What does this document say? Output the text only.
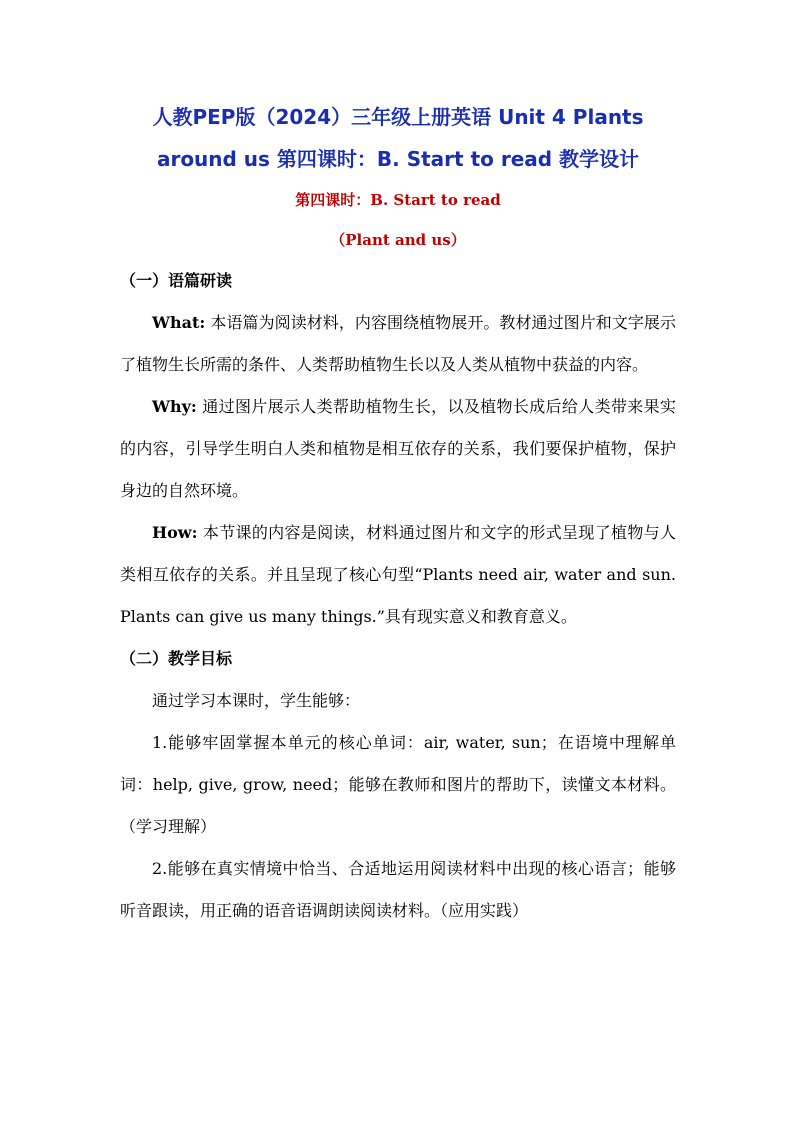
人教PEP版（2024）三年级上册英语 Unit 4 Plants
around us 第四课时：B. Start to read 教学设计

第四课时：B. Start to read

（Plant and us）

（一）语篇研读

What: 本语篇为阅读材料，内容围绕植物展开。教材通过图片和文字展示了植物生长所需的条件、人类帮助植物生长以及人类从植物中获益的内容。

Why: 通过图片展示人类帮助植物生长，以及植物长成后给人类带来果实的内容，引导学生明白人类和植物是相互依存的关系，我们要保护植物，保护身边的自然环境。

How: 本节课的内容是阅读，材料通过图片和文字的形式呈现了植物与人类相互依存的关系。并且呈现了核心句型“Plants need air, water and sun. Plants can give us many things.”具有现实意义和教育意义。

（二）教学目标

通过学习本课时，学生能够：

1.能够牢固掌握本单元的核心单词：air, water, sun；在语境中理解单词：help, give, grow, need；能够在教师和图片的帮助下，读懂文本材料。（学习理解）

2.能够在真实情境中恰当、合适地运用阅读材料中出现的核心语言；能够听音跟读，用正确的语音语调朗读阅读材料。（应用实践）
